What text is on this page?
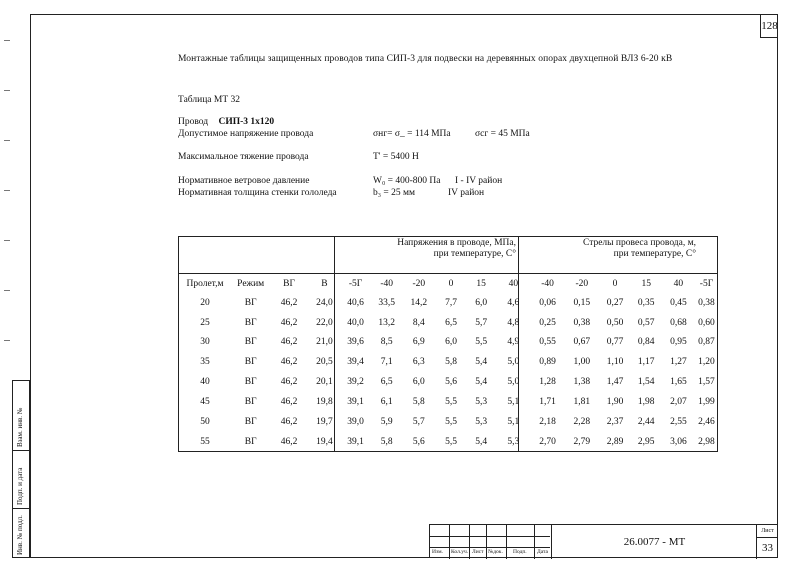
128
Взам. инв. №
Подп. и дата
Инв. № подл.
Монтажные таблицы защищенных проводов типа СИП-3 для подвески на деревянных опорах двухцепной ВЛЗ 6-20 кВ
Таблица МТ 32
Провод СИП-3 1х120
Допустимое напряжение провода	σнг= σ_ = 114 МПа	σсг = 45 МПа
Максимальное тяжение провода	Т' = 5400 Н
Нормативное ветровое давление	W₀ = 400-800 Па I - IV район
Нормативная толщина стенки гололеда	b₃ = 25 мм	IV район
Напряжения в проводе, МПа,
при температуре, С°
Стрелы провеса провода, м,
при температуре, С°

Пролет,м	Режим	ВГ	В	-5Г	-40	-20	0	15	40	-40	-20	0	15	40	-5Г
20	ВГ	46,2	24,0	40,6	33,5	14,2	7,7	6,0	4,6	0,06	0,15	0,27	0,35	0,45	0,38
25	ВГ	46,2	22,0	40,0	13,2	8,4	6,5	5,7	4,8	0,25	0,38	0,50	0,57	0,68	0,60
30	ВГ	46,2	21,0	39,6	8,5	6,9	6,0	5,5	4,9	0,55	0,67	0,77	0,84	0,95	0,87
35	ВГ	46,2	20,5	39,4	7,1	6,3	5,8	5,4	5,0	0,89	1,00	1,10	1,17	1,27	1,20
40	ВГ	46,2	20,1	39,2	6,5	6,0	5,6	5,4	5,0	1,28	1,38	1,47	1,54	1,65	1,57
45	ВГ	46,2	19,8	39,1	6,1	5,8	5,5	5,3	5,1	1,71	1,81	1,90	1,98	2,07	1,99
50	ВГ	46,2	19,7	39,0	5,9	5,7	5,5	5,3	5,1	2,18	2,28	2,37	2,44	2,55	2,46
55	ВГ	46,2	19,4	39,1	5,8	5,6	5,5	5,4	5,3	2,70	2,79	2,89	2,95	3,06	2,98

Изм. Кол.уч. Лист №док. Подп. Дата
26.0077 - МТ
Лист
33
